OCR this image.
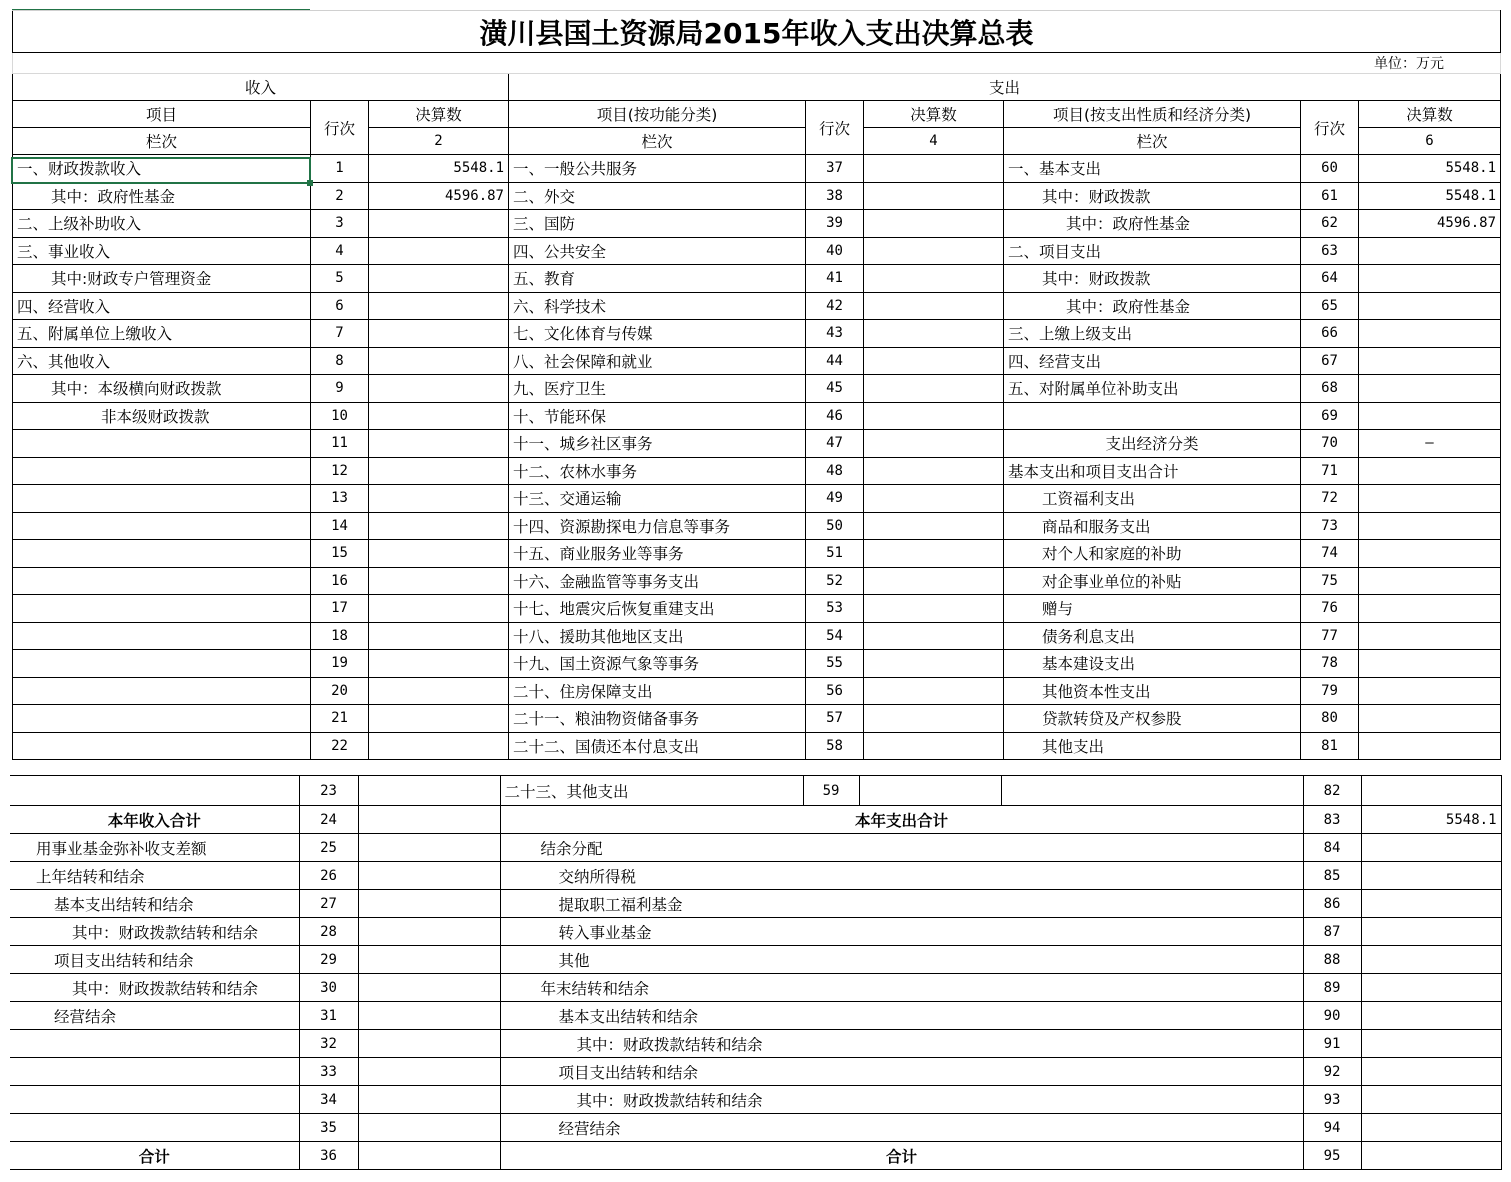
潢川县国土资源局2015年收入支出决算总表								
单位：万元								
收入			支出					
项目	行次	决算数	项目(按功能分类)	行次	决算数	项目(按支出性质和经济分类)	行次	决算数
栏次		2	栏次		4	栏次		6
一、财政拨款收入	1	5548.1	一、一般公共服务	37		一、基本支出	60	5548.1
其中：政府性基金	2	4596.87	二、外交	38		其中：财政拨款	61	5548.1
二、上级补助收入	3		三、国防	39		其中：政府性基金	62	4596.87
三、事业收入	4		四、公共安全	40		二、项目支出	63	
其中:财政专户管理资金	5		五、教育	41		其中：财政拨款	64	
四、经营收入	6		六、科学技术	42		其中：政府性基金	65	
五、附属单位上缴收入	7		七、文化体育与传媒	43		三、上缴上级支出	66	
六、其他收入	8		八、社会保障和就业	44		四、经营支出	67	
其中：本级横向财政拨款	9		九、医疗卫生	45		五、对附属单位补助支出	68	
非本级财政拨款	10		十、节能环保	46			69	
	11		十一、城乡社区事务	47		支出经济分类	70	—
	12		十二、农林水事务	48		基本支出和项目支出合计	71	
	13		十三、交通运输	49		工资福利支出	72	
	14		十四、资源勘探电力信息等事务	50		商品和服务支出	73	
	15		十五、商业服务业等事务	51		对个人和家庭的补助	74	
	16		十六、金融监管等事务支出	52		对企事业单位的补贴	75	
	17		十七、地震灾后恢复重建支出	53		赠与	76	
	18		十八、援助其他地区支出	54		债务利息支出	77	
	19		十九、国土资源气象等事务	55		基本建设支出	78	
	20		二十、住房保障支出	56		其他资本性支出	79	
	21		二十一、粮油物资储备事务	57		贷款转贷及产权参股	80	
	22		二十二、国债还本付息支出	58		其他支出	81	
	23		二十三、其他支出	59			82	
本年收入合计	24		本年支出合计				83	5548.1
用事业基金弥补收支差额	25		结余分配				84	
上年结转和结余	26		交纳所得税				85	
基本支出结转和结余	27		提取职工福利基金				86	
其中：财政拨款结转和结余	28		转入事业基金				87	
项目支出结转和结余	29		其他				88	
其中：财政拨款结转和结余	30		年末结转和结余				89	
经营结余	31		基本支出结转和结余				90	
	32		其中：财政拨款结转和结余				91	
	33		项目支出结转和结余				92	
	34		其中：财政拨款结转和结余				93	
	35		经营结余				94	
合计	36		合计				95	
